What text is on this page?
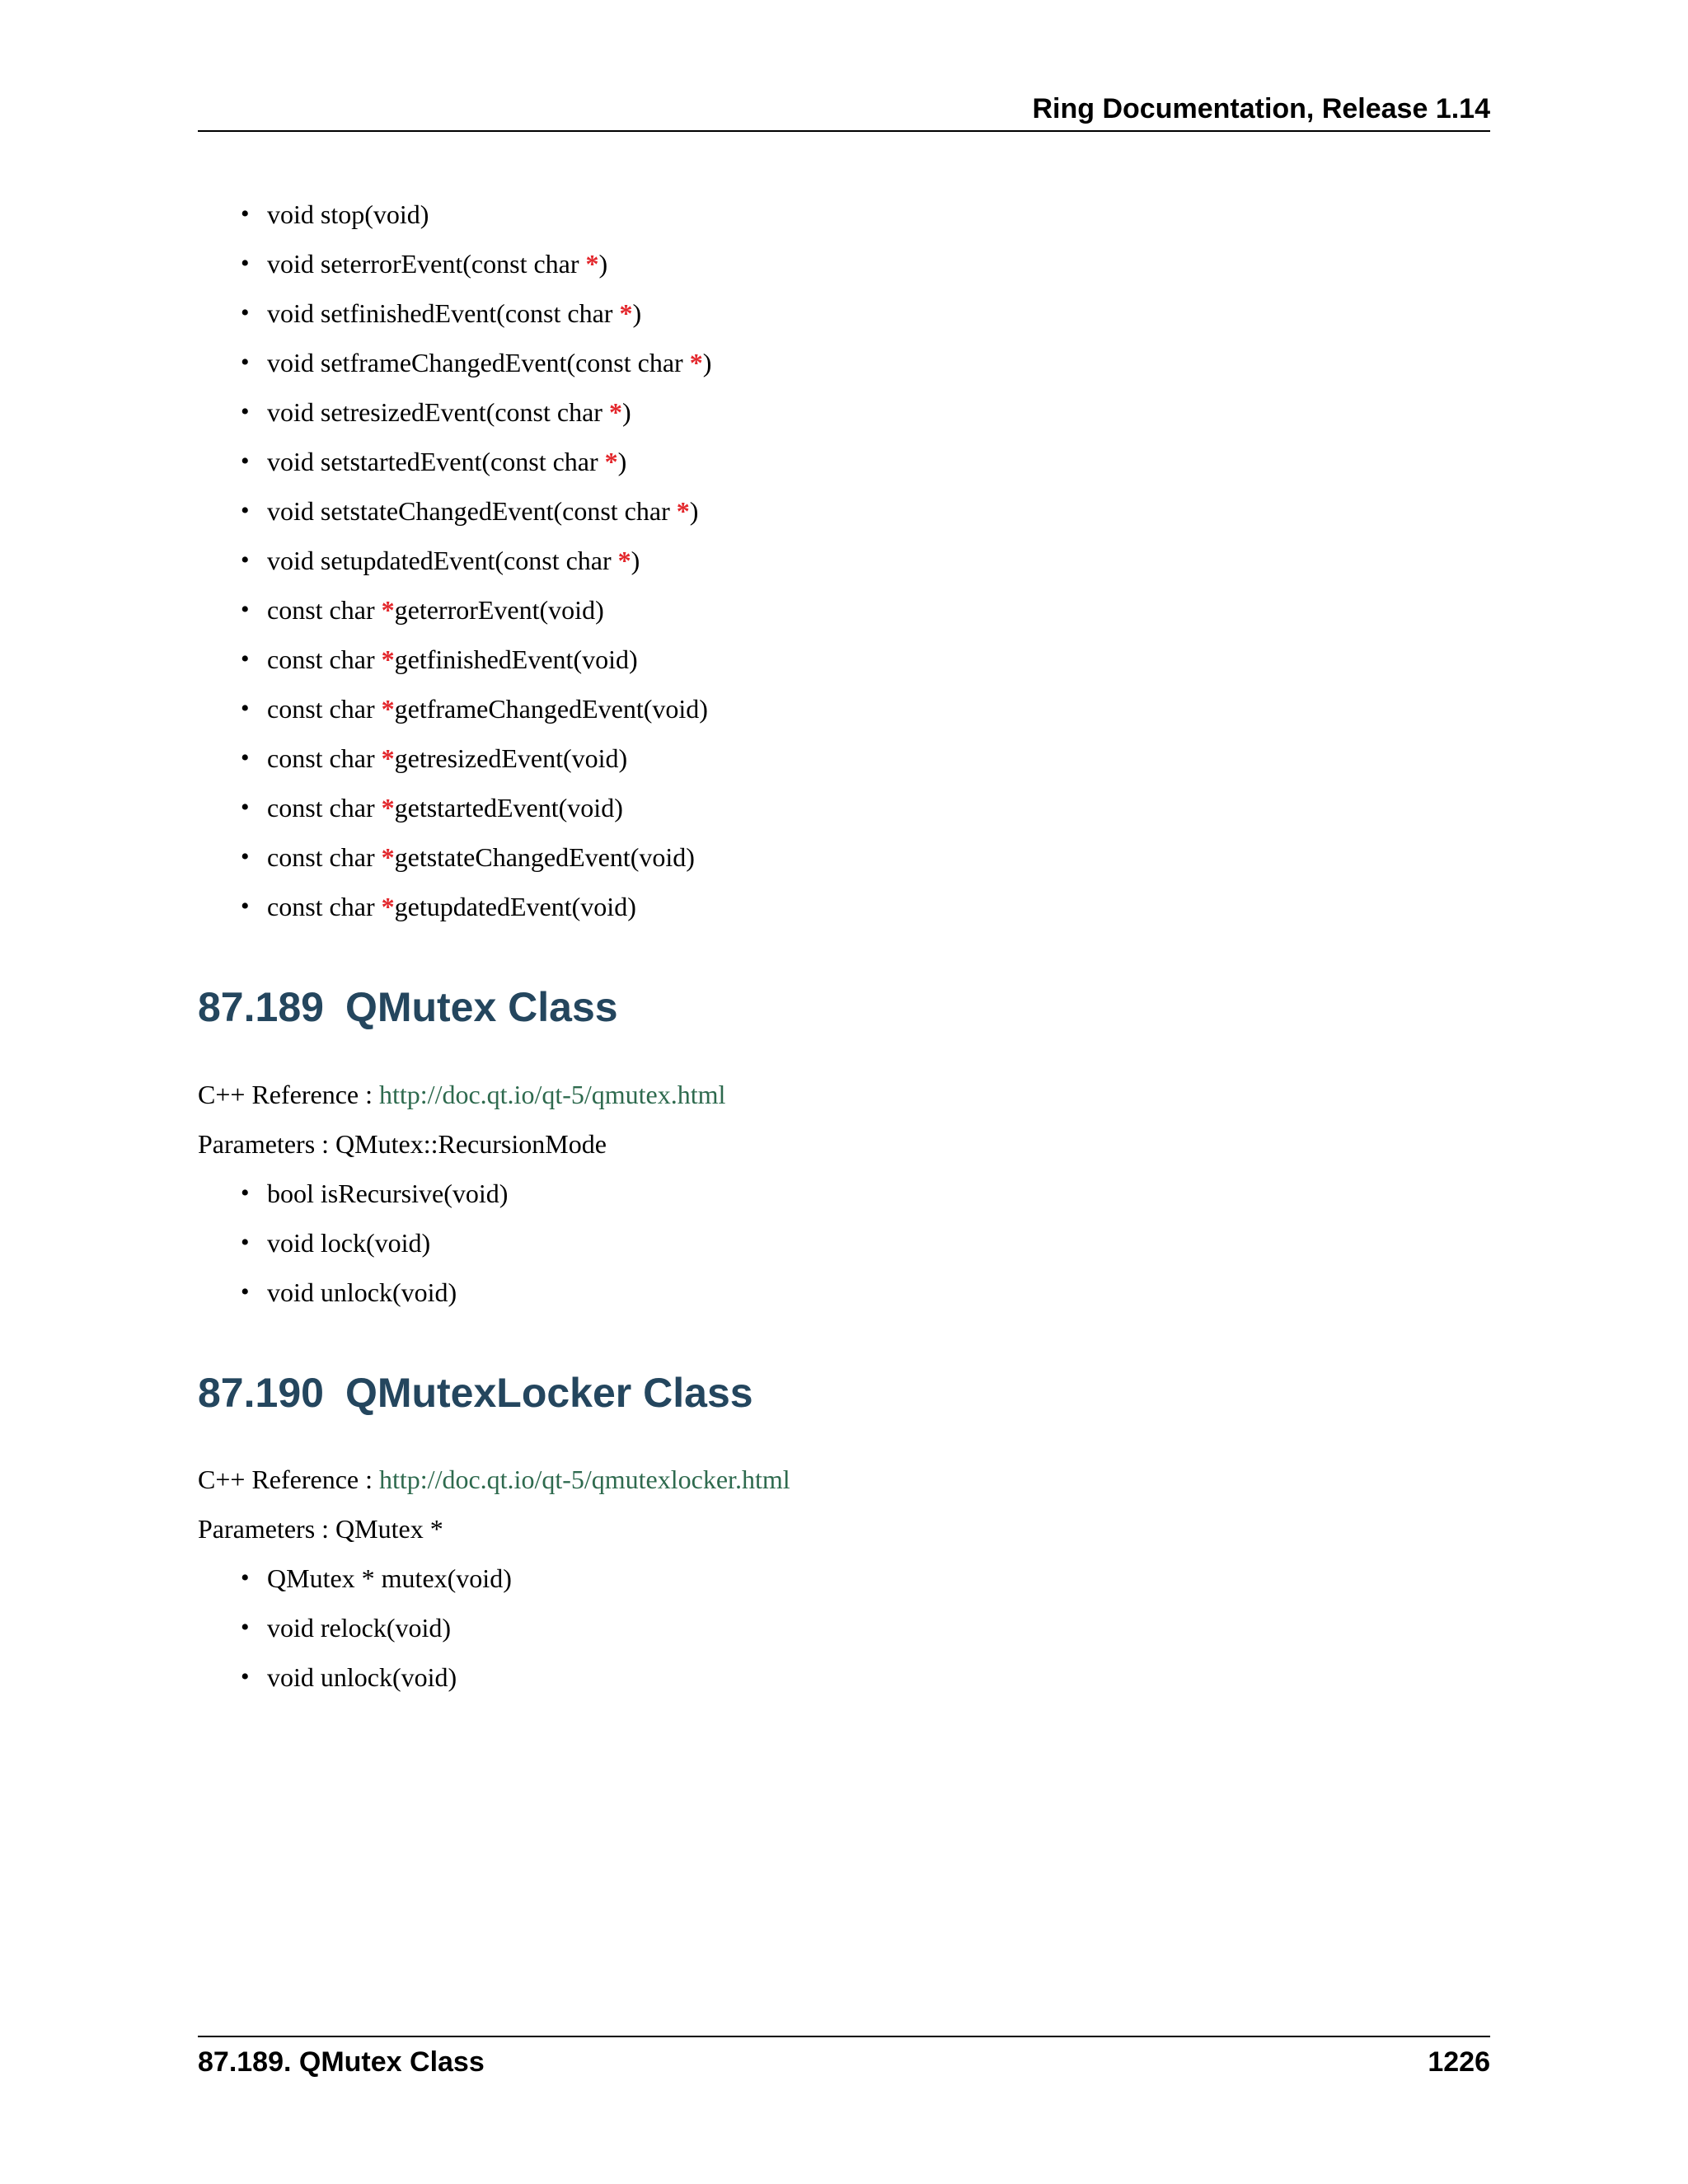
Ring Documentation, Release 1.14
• void stop(void)
• void seterrorEvent(const char *)
• void setfinishedEvent(const char *)
• void setframeChangedEvent(const char *)
• void setresizedEvent(const char *)
• void setstartedEvent(const char *)
• void setstateChangedEvent(const char *)
• void setupdatedEvent(const char *)
• const char *geterrorEvent(void)
• const char *getfinishedEvent(void)
• const char *getframeChangedEvent(void)
• const char *getresizedEvent(void)
• const char *getstartedEvent(void)
• const char *getstateChangedEvent(void)
• const char *getupdatedEvent(void)
87.189 QMutex Class
C++ Reference : http://doc.qt.io/qt-5/qmutex.html
Parameters : QMutex::RecursionMode
• bool isRecursive(void)
• void lock(void)
• void unlock(void)
87.190 QMutexLocker Class
C++ Reference : http://doc.qt.io/qt-5/qmutexlocker.html
Parameters : QMutex *
• QMutex * mutex(void)
• void relock(void)
• void unlock(void)
87.189. QMutex Class	1226
